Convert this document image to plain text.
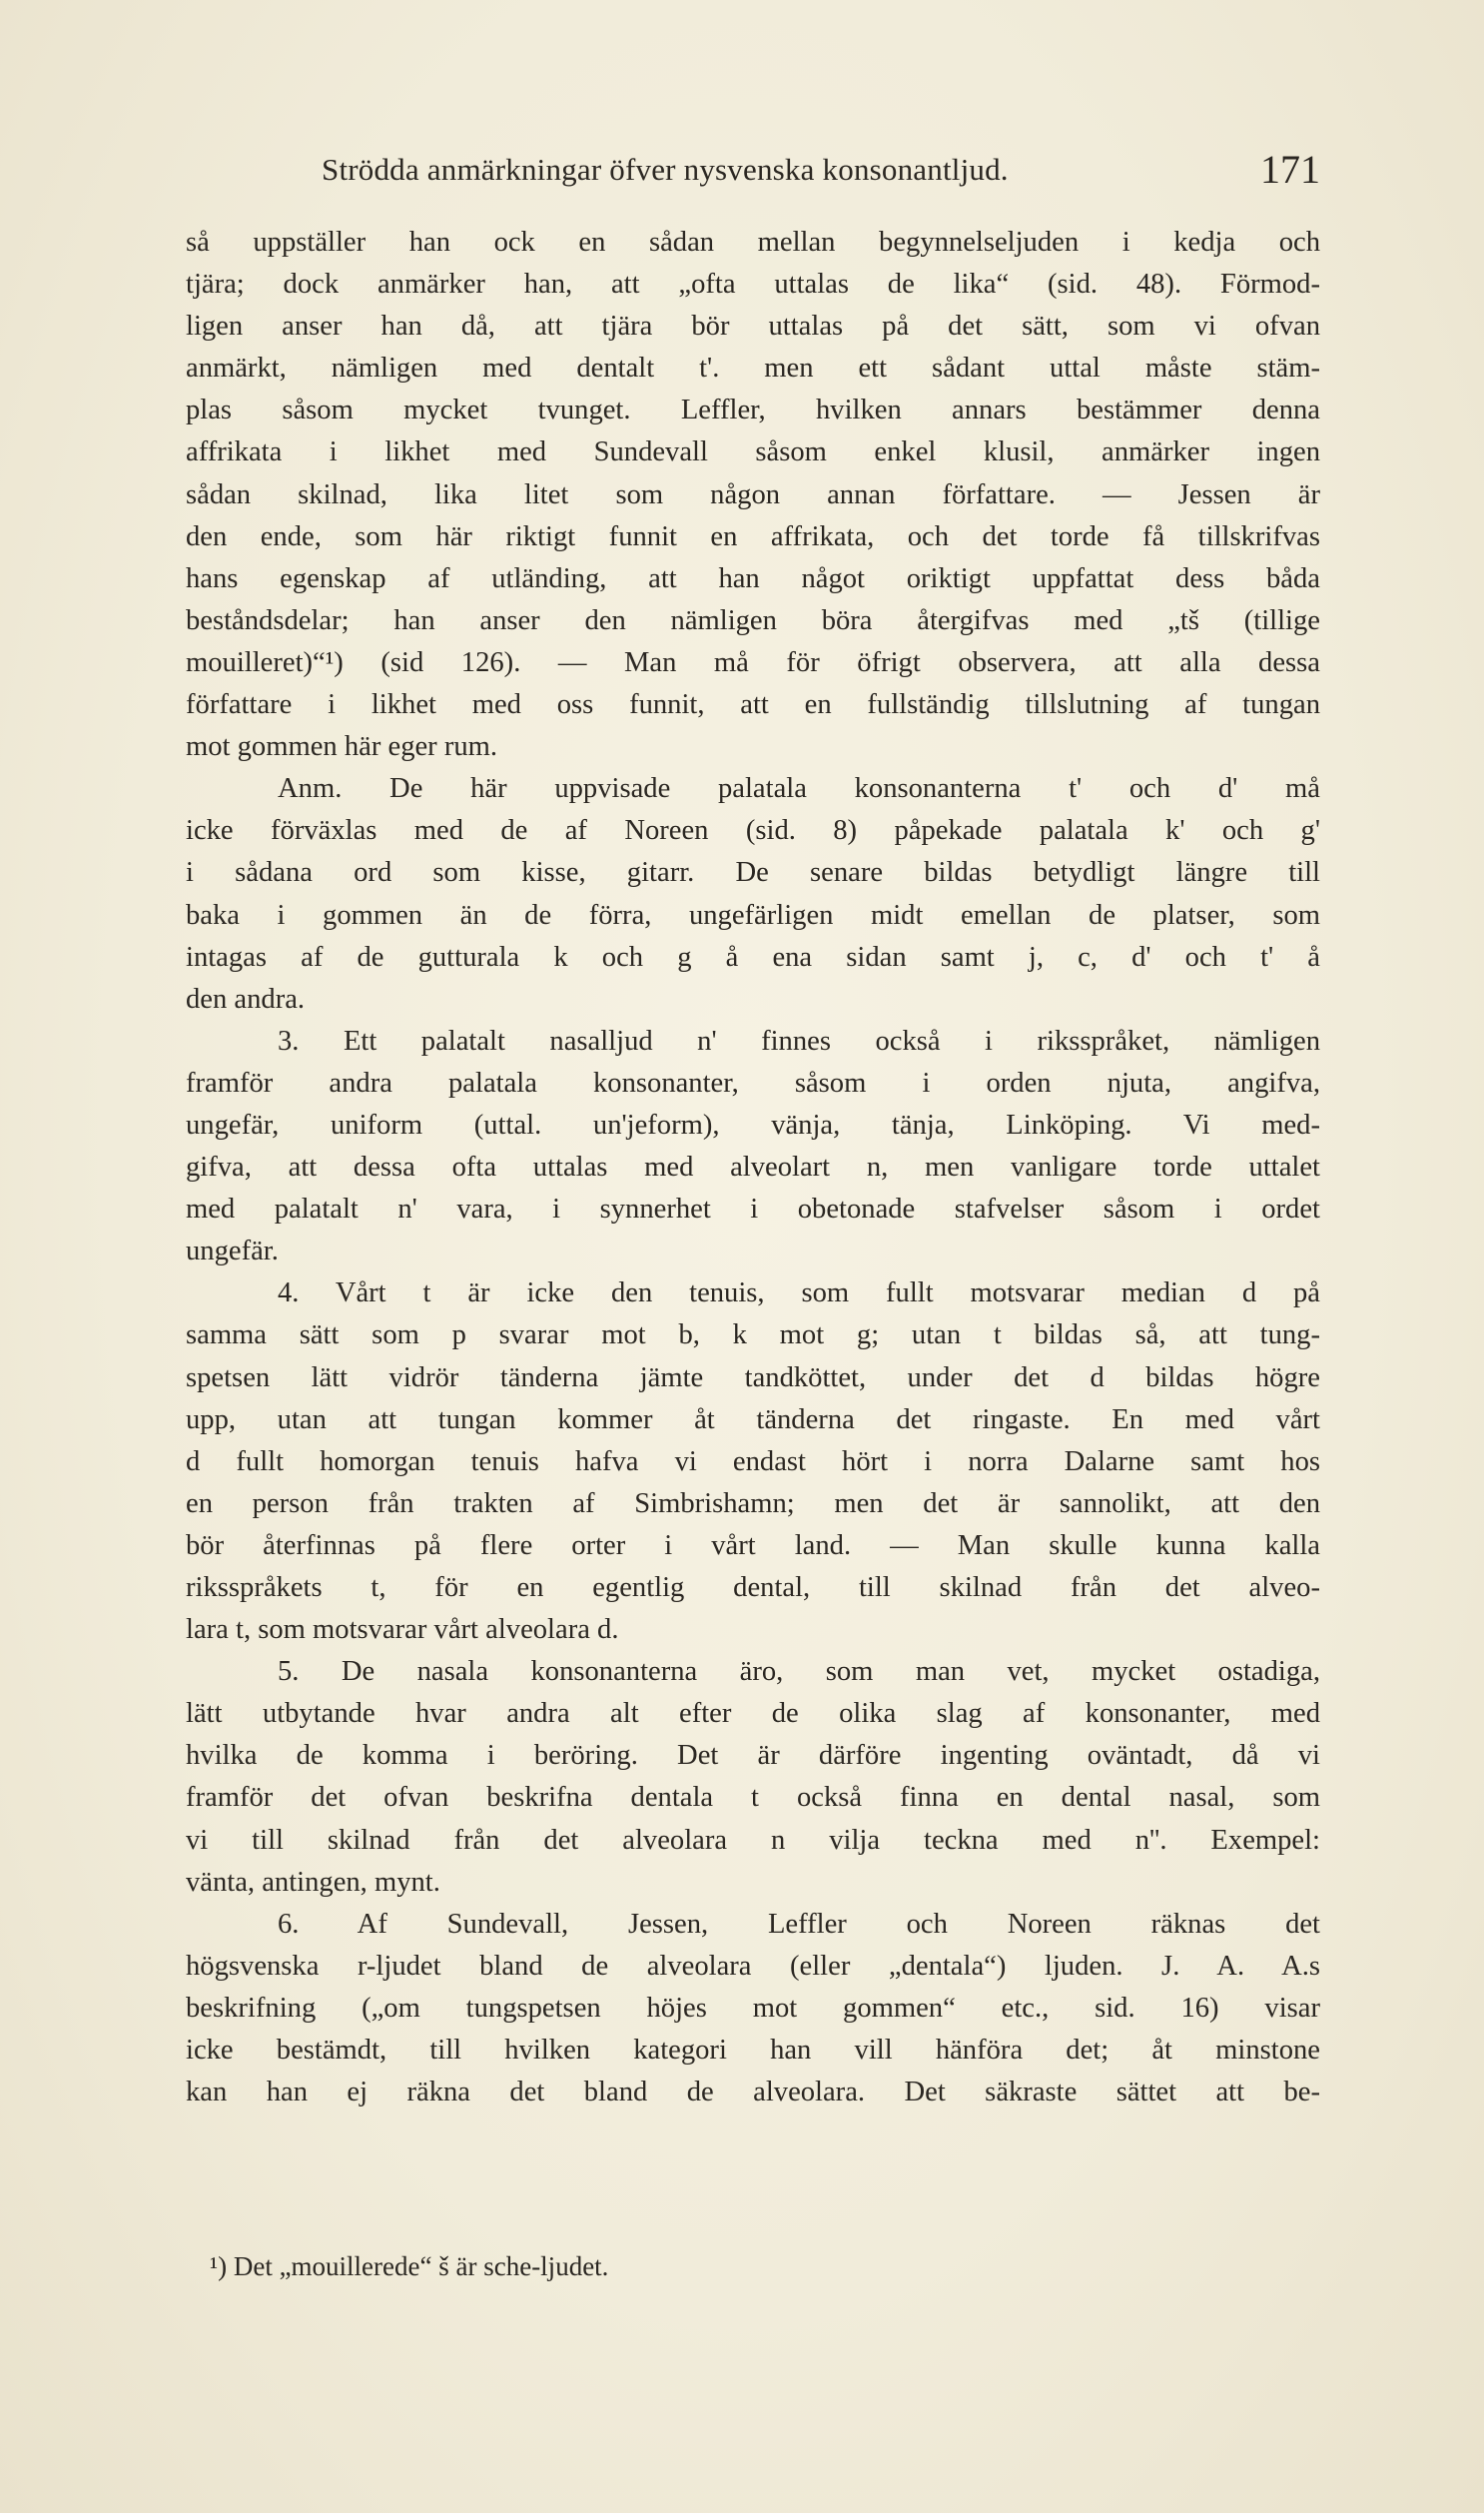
Strödda anmärkningar öfver nysvenska konsonantljud.	171
så uppställer han ock en sådan mellan begynnelseljuden i kedja och
tjära; dock anmärker han, att „ofta uttalas de lika“ (sid. 48). Förmod-
ligen anser han då, att tjära bör uttalas på det sätt, som vi ofvan
anmärkt, nämligen med dentalt t'. men ett sådant uttal måste stäm-
plas såsom mycket tvunget. Leffler, hvilken annars bestämmer denna
affrikata i likhet med Sundevall såsom enkel klusil, anmärker ingen
sådan skilnad, lika litet som någon annan författare. — Jessen är
den ende, som här riktigt funnit en affrikata, och det torde få tillskrifvas
hans egenskap af utländing, att han något oriktigt uppfattat dess båda
beståndsdelar; han anser den nämligen böra återgifvas med „tš (tillige
mouilleret)“¹) (sid 126). — Man må för öfrigt observera, att alla dessa
författare i likhet med oss funnit, att en fullständig tillslutning af tungan
mot gommen här eger rum.
Anm. De här uppvisade palatala konsonanterna t' och d' må
icke förväxlas med de af Noreen (sid. 8) påpekade palatala k' och g'
i sådana ord som kisse, gitarr. De senare bildas betydligt längre till
baka i gommen än de förra, ungefärligen midt emellan de platser, som
intagas af de gutturala k och g å ena sidan samt j, c, d' och t' å
den andra.
3. Ett palatalt nasalljud n' finnes också i riksspråket, nämligen
framför andra palatala konsonanter, såsom i orden njuta, angifva,
ungefär, uniform (uttal. un'jeform), vänja, tänja, Linköping. Vi med-
gifva, att dessa ofta uttalas med alveolart n, men vanligare torde uttalet
med palatalt n' vara, i synnerhet i obetonade stafvelser såsom i ordet
ungefär.
4. Vårt t är icke den tenuis, som fullt motsvarar median d på
samma sätt som p svarar mot b, k mot g; utan t bildas så, att tung-
spetsen lätt vidrör tänderna jämte tandköttet, under det d bildas högre
upp, utan att tungan kommer åt tänderna det ringaste. En med vårt
d fullt homorgan tenuis hafva vi endast hört i norra Dalarne samt hos
en person från trakten af Simbrishamn; men det är sannolikt, att den
bör återfinnas på flere orter i vårt land. — Man skulle kunna kalla
riksspråkets t, för en egentlig dental, till skilnad från det alveo-
lara t, som motsvarar vårt alveolara d.
5. De nasala konsonanterna äro, som man vet, mycket ostadiga,
lätt utbytande hvar andra alt efter de olika slag af konsonanter, med
hvilka de komma i beröring. Det är därföre ingenting oväntadt, då vi
framför det ofvan beskrifna dentala t också finna en dental nasal, som
vi till skilnad från det alveolara n vilja teckna med n''. Exempel:
vänta, antingen, mynt.
6. Af Sundevall, Jessen, Leffler och Noreen räknas det
högsvenska r-ljudet bland de alveolara (eller „dentala“) ljuden. J. A. A.s
beskrifning („om tungspetsen höjes mot gommen“ etc., sid. 16) visar
icke bestämdt, till hvilken kategori han vill hänföra det; åt minstone
kan han ej räkna det bland de alveolara. Det säkraste sättet att be-
¹) Det „mouillerede“ š är sche-ljudet.
